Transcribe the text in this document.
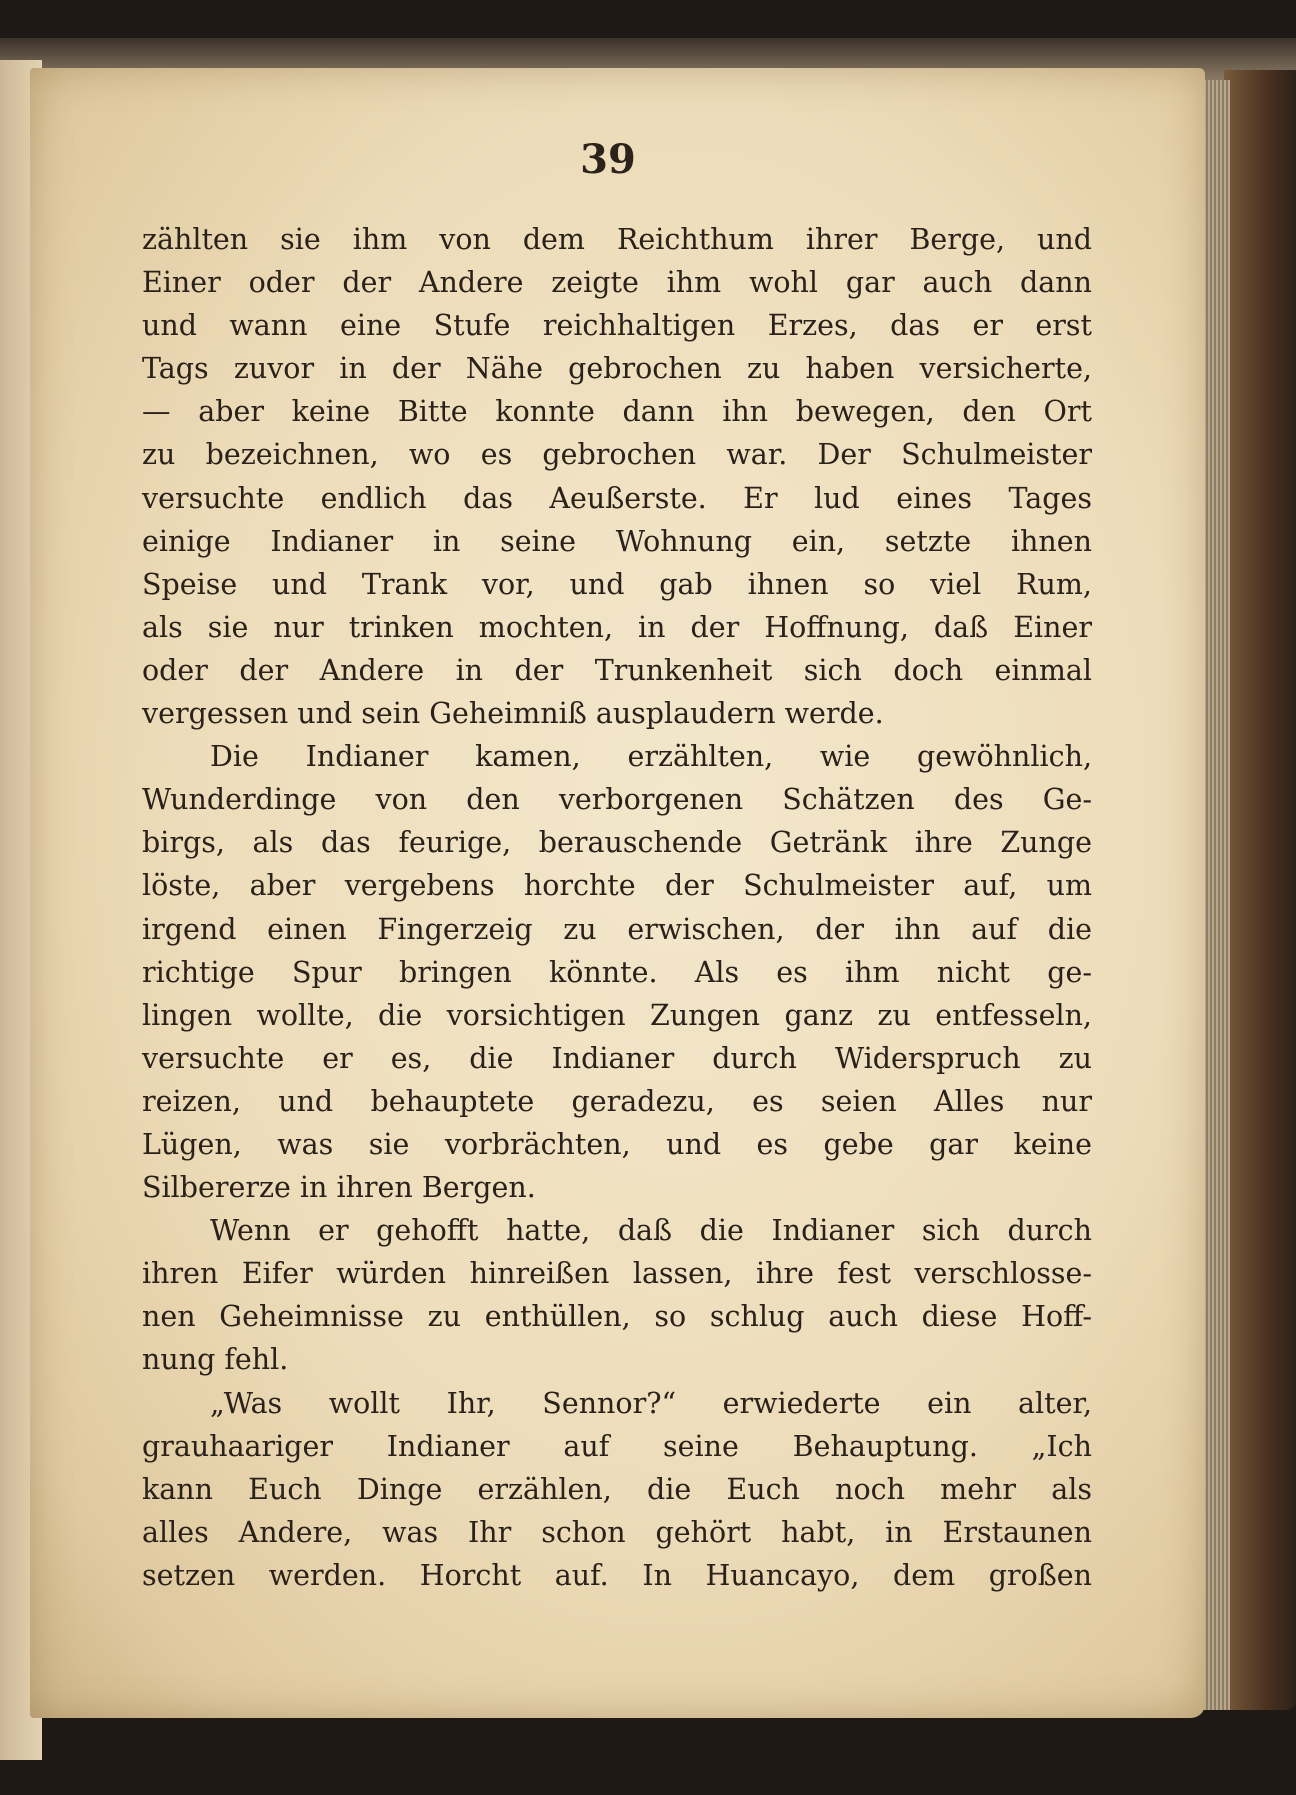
39
zählten sie ihm von dem Reichthum ihrer Berge, und
Einer oder der Andere zeigte ihm wohl gar auch dann
und wann eine Stufe reichhaltigen Erzes, das er erst
Tags zuvor in der Nähe gebrochen zu haben versicherte,
— aber keine Bitte konnte dann ihn bewegen, den Ort
zu bezeichnen, wo es gebrochen war. Der Schulmeister
versuchte endlich das Aeußerste. Er lud eines Tages
einige Indianer in seine Wohnung ein, setzte ihnen
Speise und Trank vor, und gab ihnen so viel Rum,
als sie nur trinken mochten, in der Hoffnung, daß Einer
oder der Andere in der Trunkenheit sich doch einmal
vergessen und sein Geheimniß ausplaudern werde.
Die Indianer kamen, erzählten, wie gewöhnlich,
Wunderdinge von den verborgenen Schätzen des Ge-
birgs, als das feurige, berauschende Getränk ihre Zunge
löste, aber vergebens horchte der Schulmeister auf, um
irgend einen Fingerzeig zu erwischen, der ihn auf die
richtige Spur bringen könnte. Als es ihm nicht ge-
lingen wollte, die vorsichtigen Zungen ganz zu entfesseln,
versuchte er es, die Indianer durch Widerspruch zu
reizen, und behauptete geradezu, es seien Alles nur
Lügen, was sie vorbrächten, und es gebe gar keine
Silbererze in ihren Bergen.
Wenn er gehofft hatte, daß die Indianer sich durch
ihren Eifer würden hinreißen lassen, ihre fest verschlosse-
nen Geheimnisse zu enthüllen, so schlug auch diese Hoff-
nung fehl.
„Was wollt Ihr, Sennor?“ erwiederte ein alter,
grauhaariger Indianer auf seine Behauptung. „Ich
kann Euch Dinge erzählen, die Euch noch mehr als
alles Andere, was Ihr schon gehört habt, in Erstaunen
setzen werden. Horcht auf. In Huancayo, dem großen
